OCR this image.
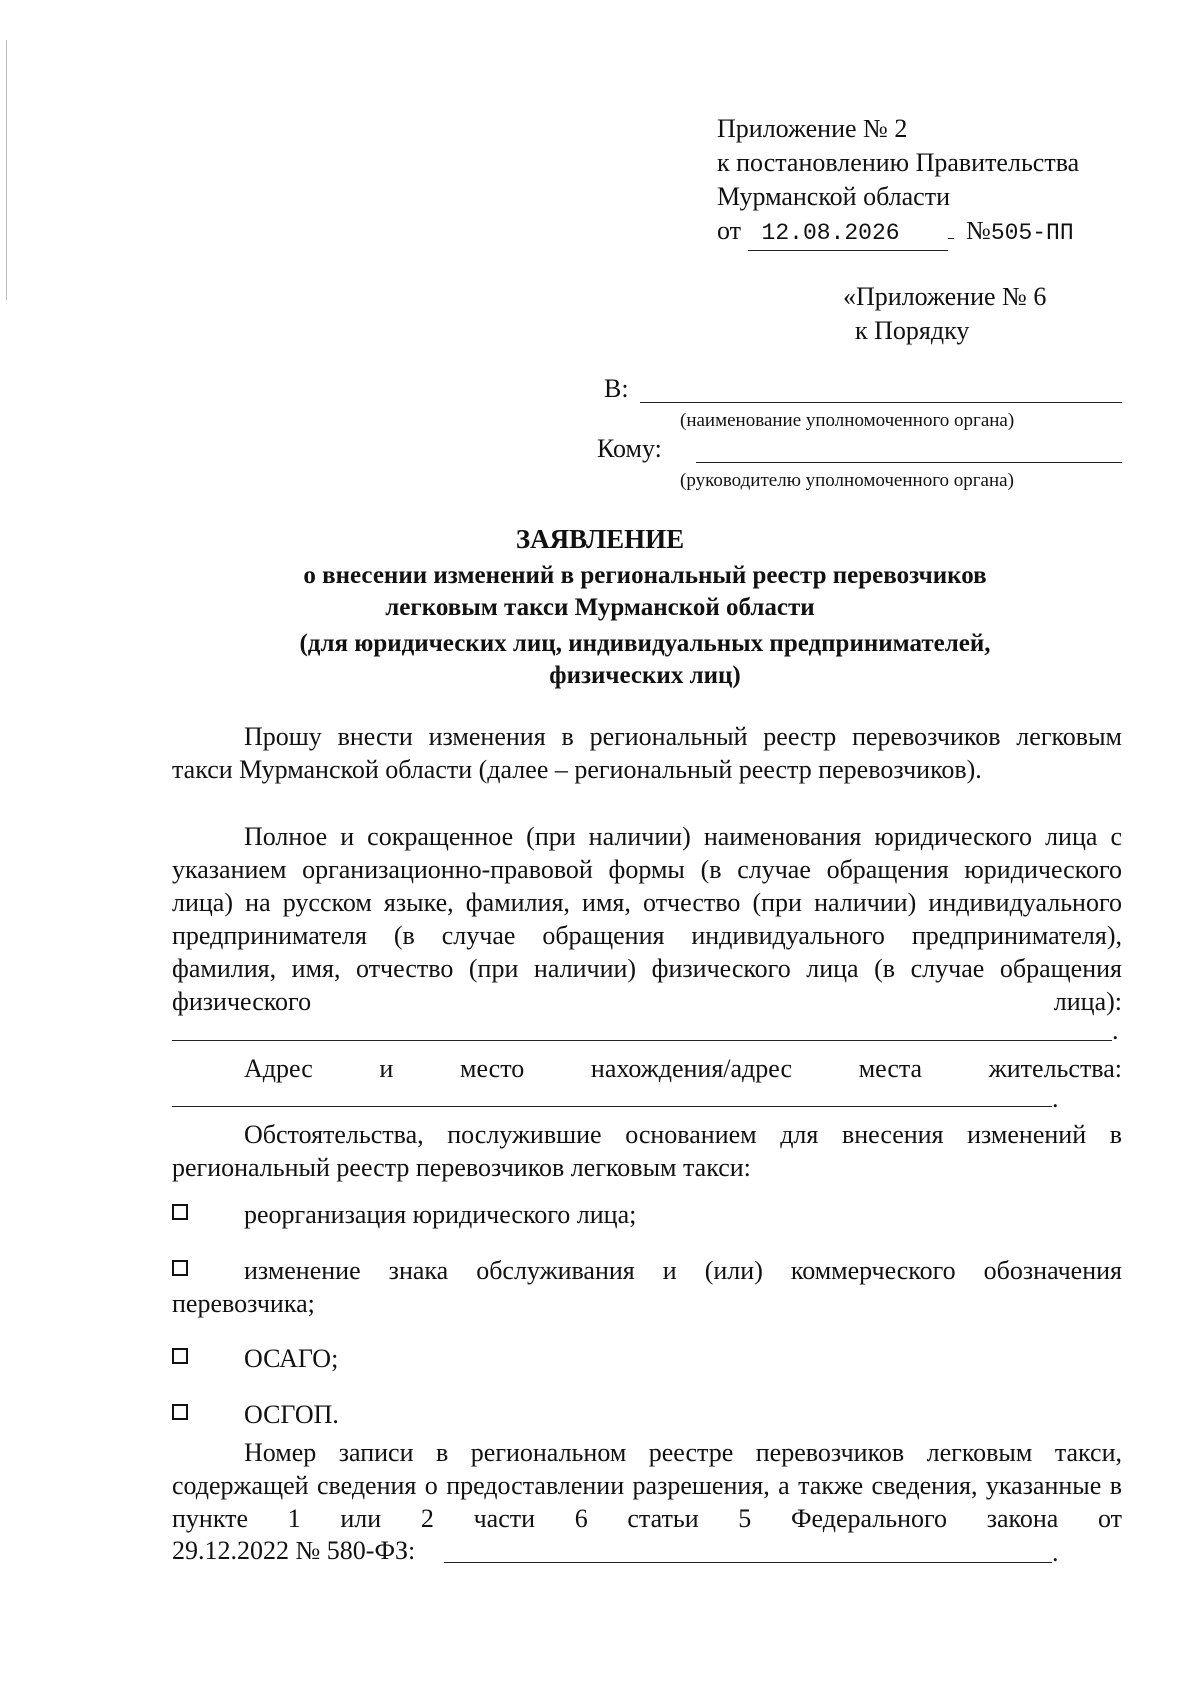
Приложение № 2
к постановлению Правительства
Мурманской области
от 12.08.2026	№505-ПП
«Приложение № 6
к Порядку
В:
(наименование уполномоченного органа)
Кому:
(руководителю уполномоченного органа)
ЗАЯВЛЕНИЕ
о внесении изменений в региональный реестр перевозчиков
легковым такси Мурманской области
(для юридических лиц, индивидуальных предпринимателей,
физических лиц)
Прошу внести изменения в региональный реестр перевозчиков легковым такси Мурманской области (далее – региональный реестр перевозчиков).
Полное и сокращенное (при наличии) наименования юридического лица с указанием организационно-правовой формы (в случае обращения юридического лица) на русском языке, фамилия, имя, отчество (при наличии) индивидуального предпринимателя (в случае обращения индивидуального предпринимателя), фамилия, имя, отчество (при наличии) физического лица (в случае обращения физического лица):
.
Адрес и место нахождения/адрес места жительства:
.
Обстоятельства, послужившие основанием для внесения изменений в региональный реестр перевозчиков легковым такси:
реорганизация юридического лица;
изменение знака обслуживания и (или) коммерческого обозначения перевозчика;
ОСАГО;
ОСГОП.
Номер записи в региональном реестре перевозчиков легковым такси, содержащей сведения о предоставлении разрешения, а также сведения, указанные в пункте 1 или 2 части 6 статьи 5 Федерального закона от
29.12.2022 № 580-ФЗ:	.
